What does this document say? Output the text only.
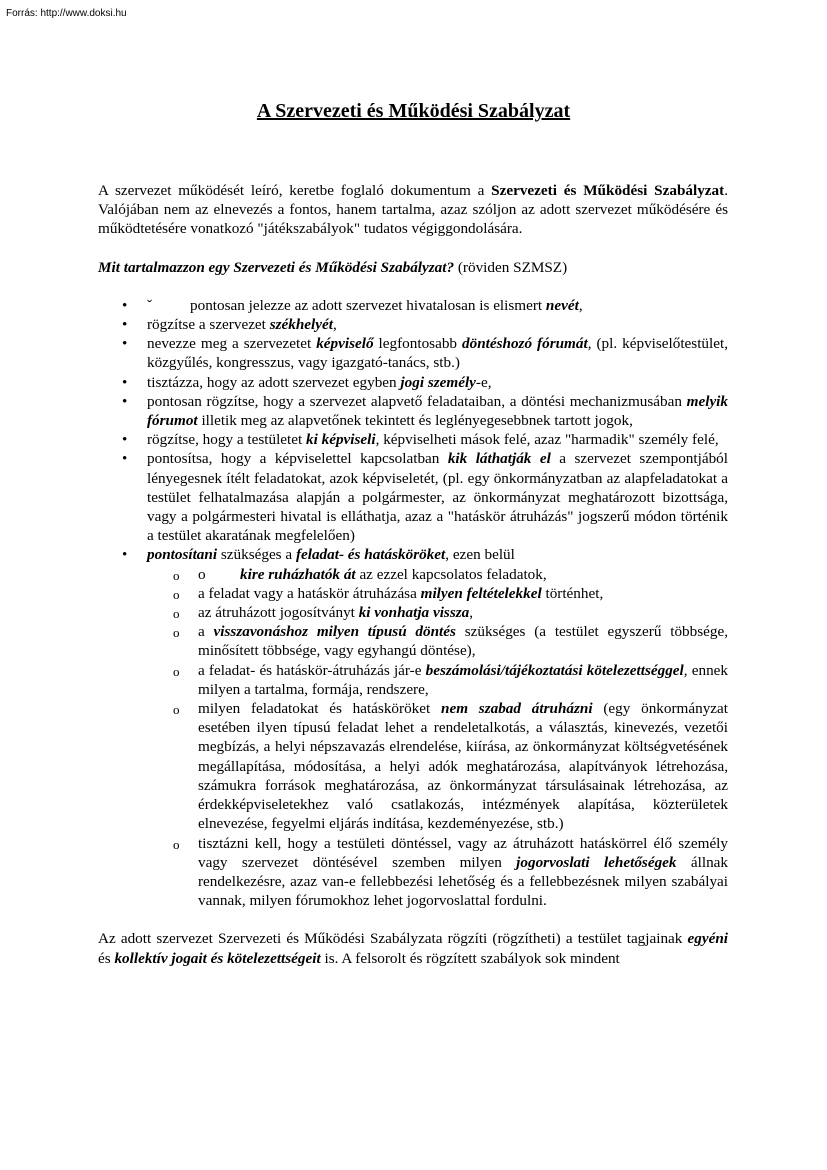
Forrás: http://www.doksi.hu
A Szervezeti és Működési Szabályzat

A szervezet működését leíró, keretbe foglaló dokumentum a Szervezeti és Működési Szabályzat. Valójában nem az elnevezés a fontos, hanem tartalma, azaz szóljon az adott szervezet működésére és működtetésére vonatkozó "játékszabályok" tudatos végiggondolására.

Mit tartalmazzon egy Szervezeti és Működési Szabályzat? (röviden SZMSZ)

• ˇ pontosan jelezze az adott szervezet hivatalosan is elismert nevét,
• rögzítse a szervezet székhelyét,
• nevezze meg a szervezetet képviselő legfontosabb döntéshozó fórumát, (pl. képviselőtestület, közgyűlés, kongresszus, vagy igazgató-tanács, stb.)
• tisztázza, hogy az adott szervezet egyben jogi személy-e,
• pontosan rögzítse, hogy a szervezet alapvető feladataiban, a döntési mechanizmusában melyik fórumot illetik meg az alapvetőnek tekintett és leglényegesebbnek tartott jogok,
• rögzítse, hogy a testületet ki képviseli, képviselheti mások felé, azaz "harmadik" személy felé,
• pontosítsa, hogy a képviselettel kapcsolatban kik láthatják el a szervezet szempontjából lényegesnek ítélt feladatokat, azok képviseletét, (pl. egy önkormányzatban az alapfeladatokat a testület felhatalmazása alapján a polgármester, az önkormányzat meghatározott bizottsága, vagy a polgármesteri hivatal is elláthatja, azaz a "hatáskör átruházás" jogszerű módon történik a testület akaratának megfelelően)
• pontosítani szükséges a feladat- és hatásköröket, ezen belül
o o kire ruházhatók át az ezzel kapcsolatos feladatok,
o a feladat vagy a hatáskör átruházása milyen feltételekkel történhet,
o az átruházott jogosítványt ki vonhatja vissza,
o a visszavonáshoz milyen típusú döntés szükséges (a testület egyszerű többsége, minősített többsége, vagy egyhangú döntése),
o a feladat- és hatáskör-átruházás jár-e beszámolási/tájékoztatási kötelezettséggel, ennek milyen a tartalma, formája, rendszere,
o milyen feladatokat és hatásköröket nem szabad átruházni (egy önkormányzat esetében ilyen típusú feladat lehet a rendeletalkotás, a választás, kinevezés, vezetői megbízás, a helyi népszavazás elrendelése, kiírása, az önkormányzat költségvetésének megállapítása, módosítása, a helyi adók meghatározása, alapítványok létrehozása, számukra források meghatározása, az önkormányzat társulásainak létrehozása, az érdekképviseletekhez való csatlakozás, intézmények alapítása, közterületek elnevezése, fegyelmi eljárás indítása, kezdeményezése, stb.)
o tisztázni kell, hogy a testületi döntéssel, vagy az átruházott hatáskörrel élő személy vagy szervezet döntésével szemben milyen jogorvoslati lehetőségek állnak rendelkezésre, azaz van-e fellebbezési lehetőség és a fellebbezésnek milyen szabályai vannak, milyen fórumokhoz lehet jogorvoslattal fordulni.

Az adott szervezet Szervezeti és Működési Szabályzata rögzíti (rögzítheti) a testület tagjainak egyéni és kollektív jogait és kötelezettségeit is. A felsorolt és rögzített szabályok sok mindent
